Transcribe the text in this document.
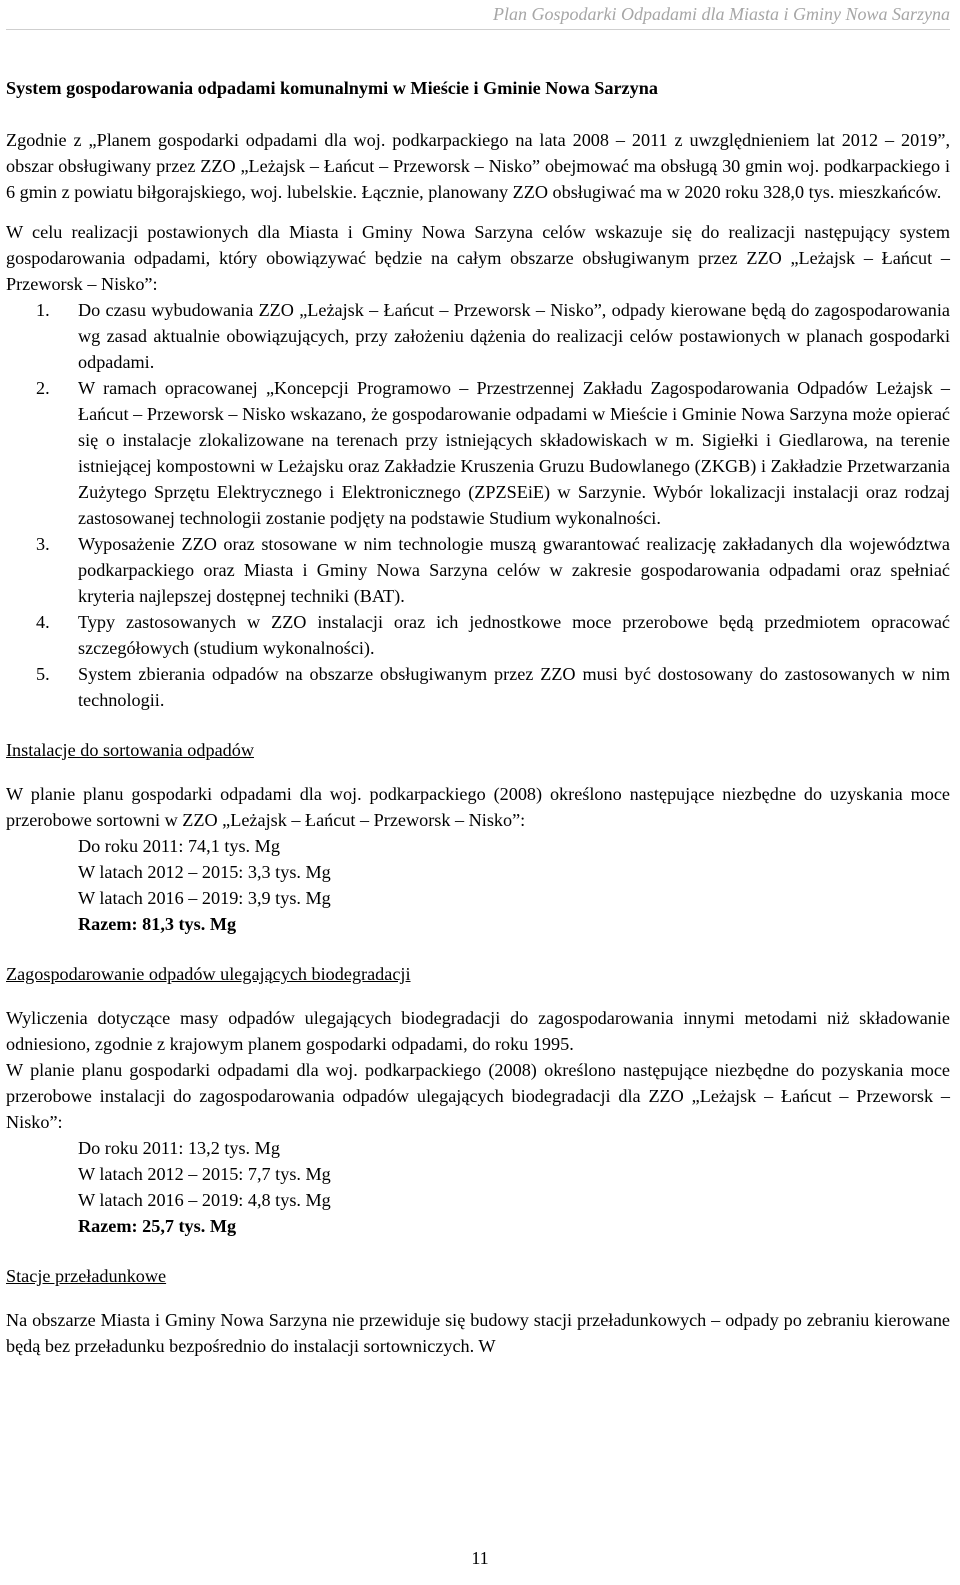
Plan Gospodarki Odpadami dla Miasta i Gminy Nowa Sarzyna
System gospodarowania odpadami komunalnymi w Mieście i Gminie Nowa Sarzyna

Zgodnie z „Planem gospodarki odpadami dla woj. podkarpackiego na lata 2008 – 2011 z uwzględnieniem lat 2012 – 2019”, obszar obsługiwany przez ZZO „Leżajsk – Łańcut – Przeworsk – Nisko” obejmować ma obsługą 30 gmin woj. podkarpackiego i 6 gmin z powiatu biłgorajskiego, woj. lubelskie. Łącznie, planowany ZZO obsługiwać ma w 2020 roku 328,0 tys. mieszkańców.

W celu realizacji postawionych dla Miasta i Gminy Nowa Sarzyna celów wskazuje się do realizacji następujący system gospodarowania odpadami, który obowiązywać będzie na całym obszarze obsługiwanym przez ZZO „Leżajsk – Łańcut – Przeworsk – Nisko”:

1. Do czasu wybudowania ZZO „Leżajsk – Łańcut – Przeworsk – Nisko”, odpady kierowane będą do zagospodarowania wg zasad aktualnie obowiązujących, przy założeniu dążenia do realizacji celów postawionych w planach gospodarki odpadami.
2. W ramach opracowanej „Koncepcji Programowo – Przestrzennej Zakładu Zagospodarowania Odpadów Leżajsk – Łańcut – Przeworsk – Nisko wskazano, że gospodarowanie odpadami w Mieście i Gminie Nowa Sarzyna może opierać się o instalacje zlokalizowane na terenach przy istniejących składowiskach w m. Sigiełki i Giedlarowa, na terenie istniejącej kompostowni w Leżajsku oraz Zakładzie Kruszenia Gruzu Budowlanego (ZKGB) i Zakładzie Przetwarzania Zużytego Sprzętu Elektrycznego i Elektronicznego (ZPZSEiE) w Sarzynie. Wybór lokalizacji instalacji oraz rodzaj zastosowanej technologii zostanie podjęty na podstawie Studium wykonalności.
3. Wyposażenie ZZO oraz stosowane w nim technologie muszą gwarantować realizację zakładanych dla województwa podkarpackiego oraz Miasta i Gminy Nowa Sarzyna celów w zakresie gospodarowania odpadami oraz spełniać kryteria najlepszej dostępnej techniki (BAT).
4. Typy zastosowanych w ZZO instalacji oraz ich jednostkowe moce przerobowe będą przedmiotem opracować szczegółowych (studium wykonalności).
5. System zbierania odpadów na obszarze obsługiwanym przez ZZO musi być dostosowany do zastosowanych w nim technologii.
Instalacje do sortowania odpadów

W planie planu gospodarki odpadami dla woj. podkarpackiego (2008) określono następujące niezbędne do uzyskania moce przerobowe sortowni w ZZO „Leżajsk – Łańcut – Przeworsk – Nisko”:

Do roku 2011: 74,1 tys. Mg
W latach 2012 – 2015: 3,3 tys. Mg
W latach 2016 – 2019: 3,9 tys. Mg
Razem: 81,3 tys. Mg
Zagospodarowanie odpadów ulegających biodegradacji

Wyliczenia dotyczące masy odpadów ulegających biodegradacji do zagospodarowania innymi metodami niż składowanie odniesiono, zgodnie z krajowym planem gospodarki odpadami, do roku 1995.

W planie planu gospodarki odpadami dla woj. podkarpackiego (2008) określono następujące niezbędne do pozyskania moce przerobowe instalacji do zagospodarowania odpadów ulegających biodegradacji dla ZZO „Leżajsk – Łańcut – Przeworsk – Nisko”:

Do roku 2011: 13,2 tys. Mg
W latach 2012 – 2015: 7,7 tys. Mg
W latach 2016 – 2019: 4,8 tys. Mg
Razem: 25,7 tys. Mg
Stacje przeładunkowe

Na obszarze Miasta i Gminy Nowa Sarzyna nie przewiduje się budowy stacji przeładunkowych – odpady po zebraniu kierowane będą bez przeładunku bezpośrednio do instalacji sortowniczych. W

11
